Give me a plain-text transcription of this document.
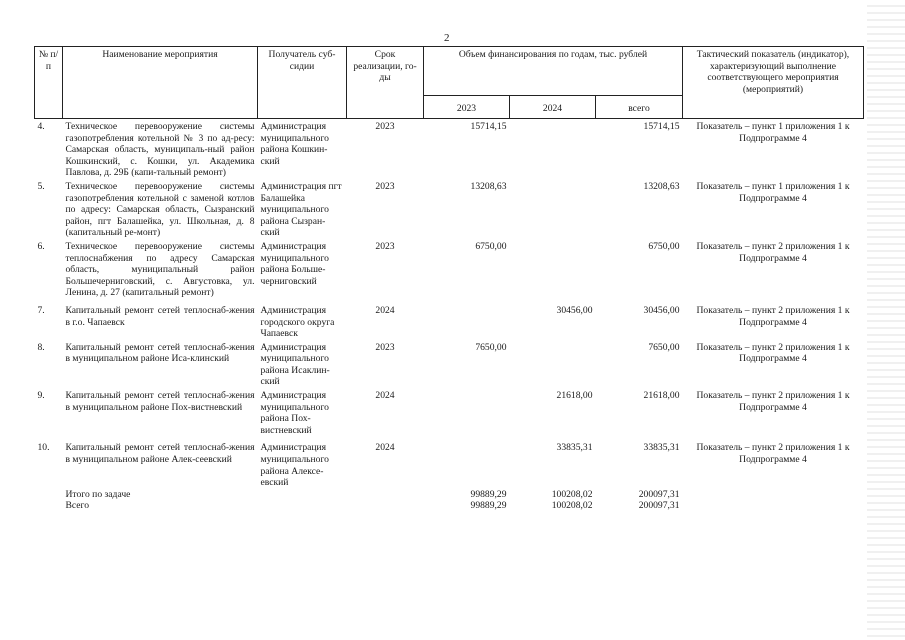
2
№ п/п	Наименование мероприятия	Получатель суб-сидии	Срок реализации, го-ды	Объем финансирования по годам, тыс. рублей			Тактический показатель (индикатор), характеризующий выполнение соответствующего мероприятия (мероприятий)
				2023	2024	всего	

4.	Техническое перевооружение системы газопотребления котельной № 3 по ад-ресу: Самарская область, муниципаль-ный район Кошкинский, с. Кошки, ул. Академика Павлова, д. 29Б (капи-тальный ремонт)	Администрация муниципального района Кошкин-ский	2023	15714,15		15714,15	Показатель – пункт 1 приложения 1 к Подпрограмме 4

5.	Техническое перевооружение системы газопотребления котельной с заменой котлов по адресу: Самарская область, Сызранский район, пгт Балашейка, ул. Школьная, д. 8 (капитальный ре-монт)	Администрация пгт Балашейка муниципального района Сызран-ский	2023	13208,63		13208,63	Показатель – пункт 1 приложения 1 к Подпрограмме 4

6.	Техническое перевооружение системы теплоснабжения по адресу Самарская область, муниципальный район Большечерниговский, с. Августовка, ул. Ленина, д. 27 (капитальный ремонт)	Администрация муниципального района Больше-черниговский	2023	6750,00		6750,00	Показатель – пункт 2 приложения 1 к Подпрограмме 4

7.	Капитальный ремонт сетей теплоснаб-жения в г.о. Чапаевск	Администрация городского округа Чапаевск	2024		30456,00	30456,00	Показатель – пункт 2 приложения 1 к Подпрограмме 4

8.	Капитальный ремонт сетей теплоснаб-жения в муниципальном районе Иса-клинский	Администрация муниципального района Исаклин-ский	2023	7650,00		7650,00	Показатель – пункт 2 приложения 1 к Подпрограмме 4

9.	Капитальный ремонт сетей теплоснаб-жения в муниципальном районе Пох-вистневский	Администрация муниципального района Пох-вистневский	2024		21618,00	21618,00	Показатель – пункт 2 приложения 1 к Подпрограмме 4

10.	Капитальный ремонт сетей теплоснаб-жения в муниципальном районе Алек-сеевский	Администрация муниципального района Алексе-евский	2024		33835,31	33835,31	Показатель – пункт 2 приложения 1 к Подпрограмме 4
	Итого по задаче			99889,29	100208,02	200097,31	
	Всего			99889,29	100208,02	200097,31	
